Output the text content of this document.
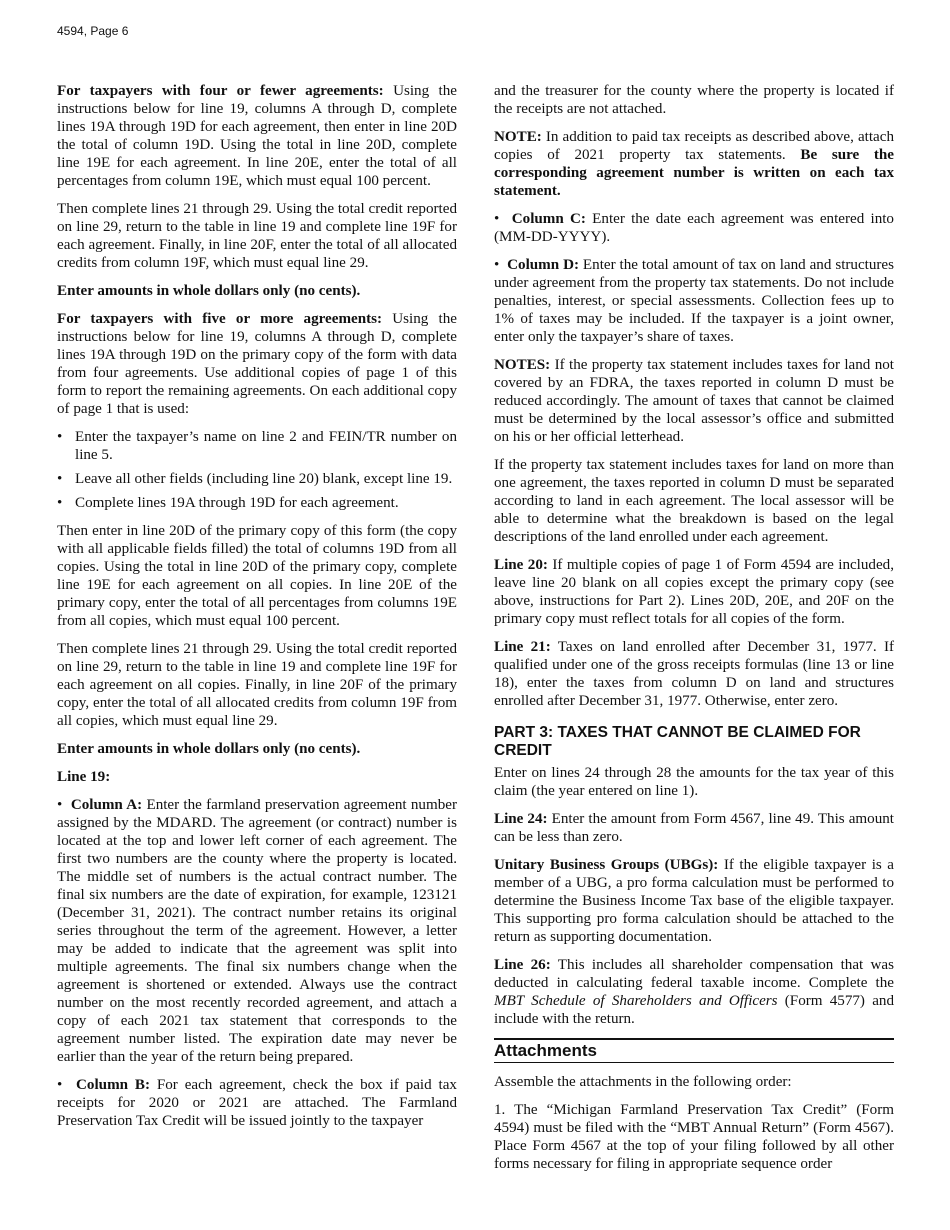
4594, Page 6

For taxpayers with four or fewer agreements: Using the instructions below for line 19, columns A through D, complete lines 19A through 19D for each agreement, then enter in line 20D the total of column 19D. Using the total in line 20D, complete line 19E for each agreement. In line 20E, enter the total of all percentages from column 19E, which must equal 100 percent.

Then complete lines 21 through 29. Using the total credit reported on line 29, return to the table in line 19 and complete line 19F for each agreement. Finally, in line 20F, enter the total of all allocated credits from column 19F, which must equal line 29.

Enter amounts in whole dollars only (no cents).

For taxpayers with five or more agreements: Using the instructions below for line 19, columns A through D, complete lines 19A through 19D on the primary copy of the form with data from four agreements. Use additional copies of page 1 of this form to report the remaining agreements. On each additional copy of page 1 that is used:

• Enter the taxpayer’s name on line 2 and FEIN/TR number on line 5.

• Leave all other fields (including line 20) blank, except line 19.

• Complete lines 19A through 19D for each agreement.

Then enter in line 20D of the primary copy of this form (the copy with all applicable fields filled) the total of columns 19D from all copies. Using the total in line 20D of the primary copy, complete line 19E for each agreement on all copies. In line 20E of the primary copy, enter the total of all percentages from columns 19E from all copies, which must equal 100 percent.

Then complete lines 21 through 29. Using the total credit reported on line 29, return to the table in line 19 and complete line 19F for each agreement on all copies. Finally, in line 20F of the primary copy, enter the total of all allocated credits from column 19F from all copies, which must equal line 29.

Enter amounts in whole dollars only (no cents).

Line 19:

•  Column A: Enter the farmland preservation agreement number assigned by the MDARD. The agreement (or contract) number is located at the top and lower left corner of each agreement. The first two numbers are the county where the property is located. The middle set of numbers is the actual contract number. The final six numbers are the date of expiration, for example, 123121 (December 31, 2021). The contract number retains its original series throughout the term of the agreement. However, a letter may be added to indicate that the agreement was split into multiple agreements. The final six numbers change when the agreement is shortened or extended. Always use the contract number on the most recently recorded agreement, and attach a copy of each 2021 tax statement that corresponds to the agreement number listed. The expiration date may never be earlier than the year of the return being prepared.

•  Column B: For each agreement, check the box if paid tax receipts for 2020 or 2021 are attached. The Farmland Preservation Tax Credit will be issued jointly to the taxpayer

and the treasurer for the county where the property is located if the receipts are not attached.

NOTE: In addition to paid tax receipts as described above, attach copies of 2021 property tax statements. Be sure the corresponding agreement number is written on each tax statement.

•  Column C: Enter the date each agreement was entered into (MM-DD-YYYY).

•  Column D: Enter the total amount of tax on land and structures under agreement from the property tax statements. Do not include penalties, interest, or special assessments. Collection fees up to 1% of taxes may be included. If the taxpayer is a joint owner, enter only the taxpayer’s share of taxes.

NOTES: If the property tax statement includes taxes for land not covered by an FDRA, the taxes reported in column D must be reduced accordingly. The amount of taxes that cannot be claimed must be determined by the local assessor’s office and submitted on his or her official letterhead.

If the property tax statement includes taxes for land on more than one agreement, the taxes reported in column D must be separated according to land in each agreement. The local assessor will be able to determine what the breakdown is based on the legal descriptions of the land enrolled under each agreement.

Line 20: If multiple copies of page 1 of Form 4594 are included, leave line 20 blank on all copies except the primary copy (see above, instructions for Part 2). Lines 20D, 20E, and 20F on the primary copy must reflect totals for all copies of the form.

Line 21: Taxes on land enrolled after December 31, 1977. If qualified under one of the gross receipts formulas (line 13 or line 18), enter the taxes from column D on land and structures enrolled after December 31, 1977. Otherwise, enter zero.

PART 3: TAXES THAT CANNOT BE CLAIMED FOR CREDIT

Enter on lines 24 through 28 the amounts for the tax year of this claim (the year entered on line 1).

Line 24: Enter the amount from Form 4567, line 49. This amount can be less than zero.

Unitary Business Groups (UBGs): If the eligible taxpayer is a member of a UBG, a pro forma calculation must be performed to determine the Business Income Tax base of the eligible taxpayer. This supporting pro forma calculation should be attached to the return as supporting documentation.

Line 26: This includes all shareholder compensation that was deducted in calculating federal taxable income. Complete the MBT Schedule of Shareholders and Officers (Form 4577) and include with the return.

Attachments

Assemble the attachments in the following order:

1. The “Michigan Farmland Preservation Tax Credit” (Form 4594) must be filed with the “MBT Annual Return” (Form 4567). Place Form 4567 at the top of your filing followed by all other forms necessary for filing in appropriate sequence order
